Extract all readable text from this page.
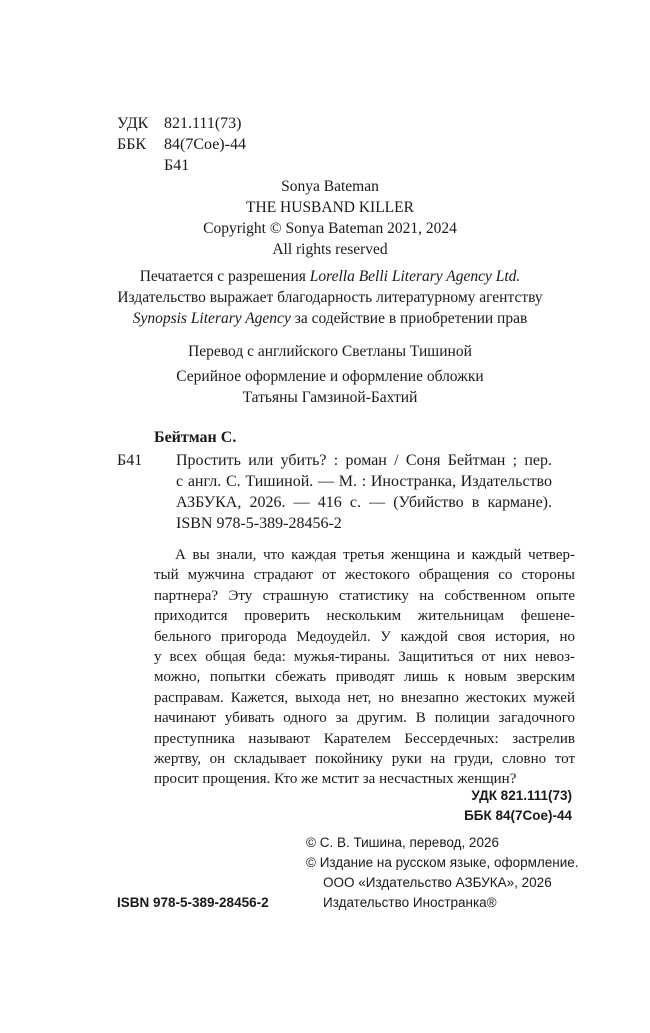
УДК 821.111(73)
ББК 84(7Сое)-44
Б41
Sonya Bateman
THE HUSBAND KILLER
Copyright © Sonya Bateman 2021, 2024
All rights reserved
Печатается с разрешения Lorella Belli Literary Agency Ltd.
Издательство выражает благодарность литературному агентству
Synopsis Literary Agency за содействие в приобретении прав
Перевод с английского Светланы Тишиной
Серийное оформление и оформление обложки
Татьяны Гамзиной-Бахтий
Бейтман С.
Б41 Простить или убить? : роман / Соня Бейтман ; пер.
с англ. С. Тишиной. — М. : Иностранка, Издательство
АЗБУКА, 2026. — 416 с. — (Убийство в кармане).
ISBN 978-5-389-28456-2
А вы знали, что каждая третья женщина и каждый четвер-
тый мужчина страдают от жестокого обращения со стороны
партнера? Эту страшную статистику на собственном опыте
приходится проверить нескольким жительницам фешене-
бельного пригорода Медоудейл. У каждой своя история, но
у всех общая беда: мужья-тираны. Защититься от них невоз-
можно, попытки сбежать приводят лишь к новым зверским
расправам. Кажется, выхода нет, но внезапно жестоких мужей
начинают убивать одного за другим. В полиции загадочного
преступника называют Карателем Бессердечных: застрелив
жертву, он складывает покойнику руки на груди, словно тот
просит прощения. Кто же мстит за несчастных женщин?
УДК 821.111(73)
ББК 84(7Сое)-44
© С. В. Тишина, перевод, 2026
© Издание на русском языке, оформление.
ООО «Издательство АЗБУКА», 2026
Издательство Иностранка®
ISBN 978-5-389-28456-2
